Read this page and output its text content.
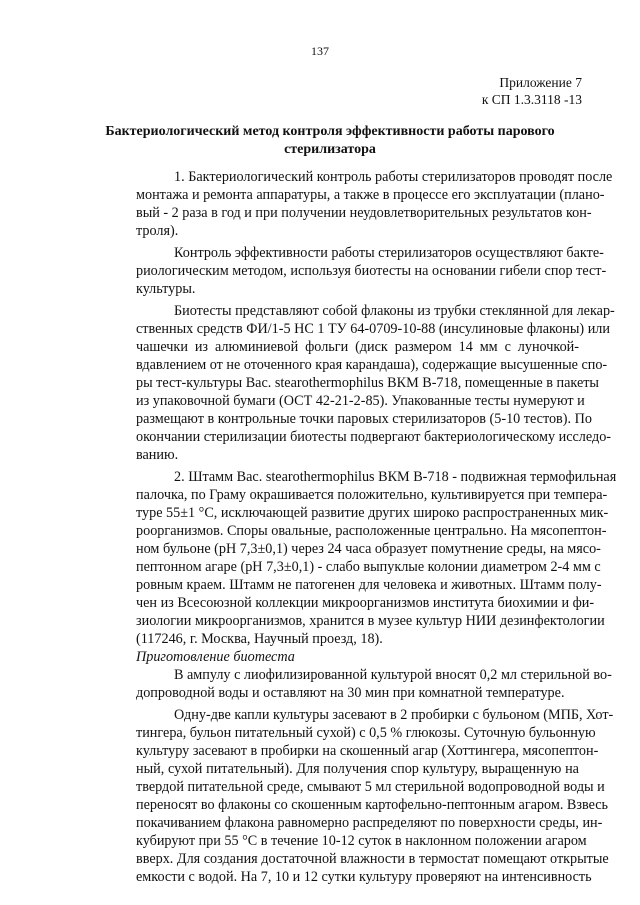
137
Приложение 7
к СП 1.3.3118 -13
Бактериологический метод контроля эффективности работы парового
стерилизатора
1. Бактериологический контроль работы стерилизаторов проводят после
монтажа и ремонта аппаратуры, а также в процессе его эксплуатации (плано-
вый - 2 раза в год и при получении неудовлетворительных результатов кон-
троля).
Контроль эффективности работы стерилизаторов осуществляют бакте-
риологическим методом, используя биотесты на основании гибели спор тест-
культуры.
Биотесты представляют собой флаконы из трубки стеклянной для лекар-
ственных средств ФИ/1-5 НС 1 ТУ 64-0709-10-88 (инсулиновые флаконы) или
чашечки из алюминиевой фольги (диск размером 14 мм с луночкой-
вдавлением от не оточенного края карандаша), содержащие высушенные спо-
ры тест-культуры Bac. stearothermophilus ВКМ В-718, помещенные в пакеты
из упаковочной бумаги (ОСТ 42-21-2-85). Упакованные тесты нумеруют и
размещают в контрольные точки паровых стерилизаторов (5-10 тестов). По
окончании стерилизации биотесты подвергают бактериологическому исследо-
ванию.
2. Штамм Bac. stearothermophilus ВКМ В-718 - подвижная термофильная
палочка, по Граму окрашивается положительно, культивируется при темпера-
туре 55±1 °С, исключающей развитие других широко распространенных мик-
роорганизмов. Споры овальные, расположенные центрально. На мясопептон-
ном бульоне (pH 7,3±0,1) через 24 часа образует помутнение среды, на мясо-
пептонном агаре (pH 7,3±0,1) - слабо выпуклые колонии диаметром 2-4 мм с
ровным краем. Штамм не патогенен для человека и животных. Штамм полу-
чен из Всесоюзной коллекции микроорганизмов института биохимии и фи-
зиологии микроорганизмов, хранится в музее культур НИИ дезинфектологии
(117246, г. Москва, Научный проезд, 18).
Приготовление биотеста
В ампулу с лиофилизированной культурой вносят 0,2 мл стерильной во-
допроводной воды и оставляют на 30 мин при комнатной температуре.
Одну-две капли культуры засевают в 2 пробирки с бульоном (МПБ, Хот-
тингера, бульон питательный сухой) с 0,5 % глюкозы. Суточную бульонную
культуру засевают в пробирки на скошенный агар (Хоттингера, мясопептон-
ный, сухой питательный). Для получения спор культуру, выращенную на
твердой питательной среде, смывают 5 мл стерильной водопроводной воды и
переносят во флаконы со скошенным картофельно-пептонным агаром. Взвесь
покачиванием флакона равномерно распределяют по поверхности среды, ин-
кубируют при 55 °С в течение 10-12 суток в наклонном положении агаром
вверх. Для создания достаточной влажности в термостат помещают открытые
емкости с водой. На 7, 10 и 12 сутки культуру проверяют на интенсивность
